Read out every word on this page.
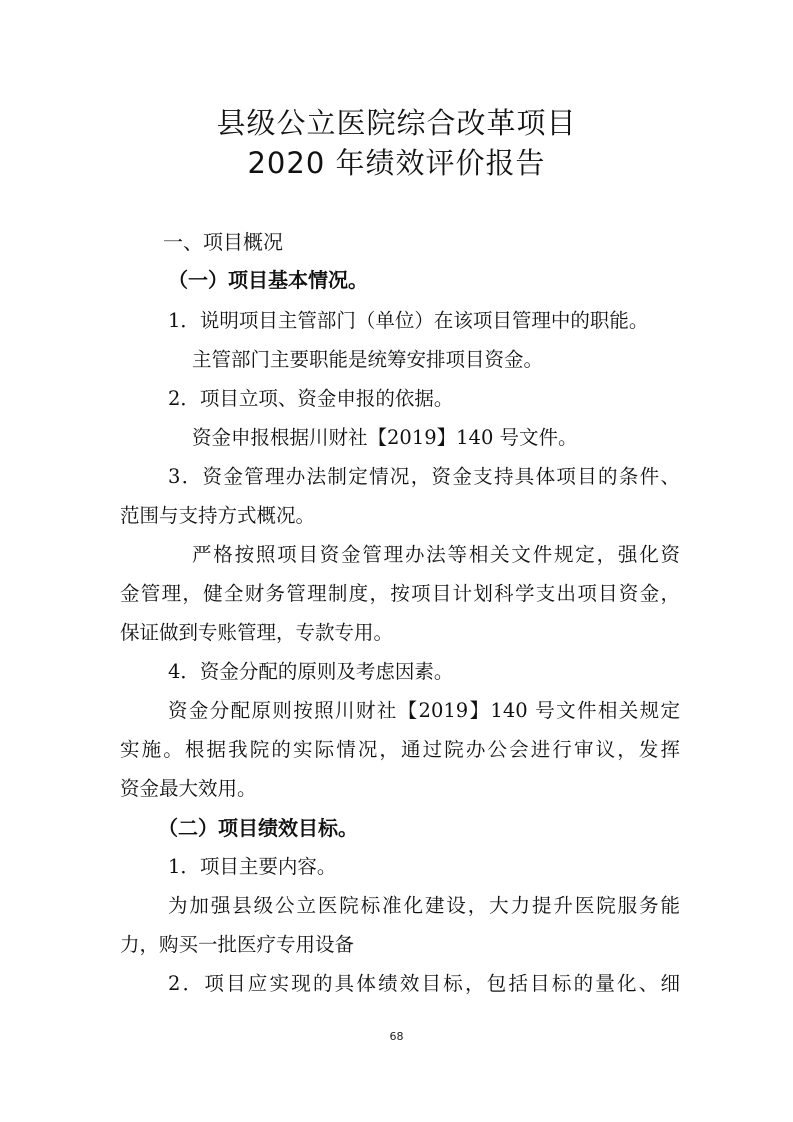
县级公立医院综合改革项目
2020 年绩效评价报告

一、项目概况

（一）项目基本情况。

1．说明项目主管部门（单位）在该项目管理中的职能。

主管部门主要职能是统筹安排项目资金。

2．项目立项、资金申报的依据。

资金申报根据川财社【2019】140 号文件。

3．资金管理办法制定情况，资金支持具体项目的条件、

范围与支持方式概况。

严格按照项目资金管理办法等相关文件规定，强化资

金管理，健全财务管理制度，按项目计划科学支出项目资金，

保证做到专账管理，专款专用。

4．资金分配的原则及考虑因素。

资金分配原则按照川财社【2019】140 号文件相关规定

实施。根据我院的实际情况，通过院办公会进行审议，发挥

资金最大效用。

（二）项目绩效目标。

1．项目主要内容。

为加强县级公立医院标准化建设，大力提升医院服务能

力，购买一批医疗专用设备

2．项目应实现的具体绩效目标，包括目标的量化、细

68
